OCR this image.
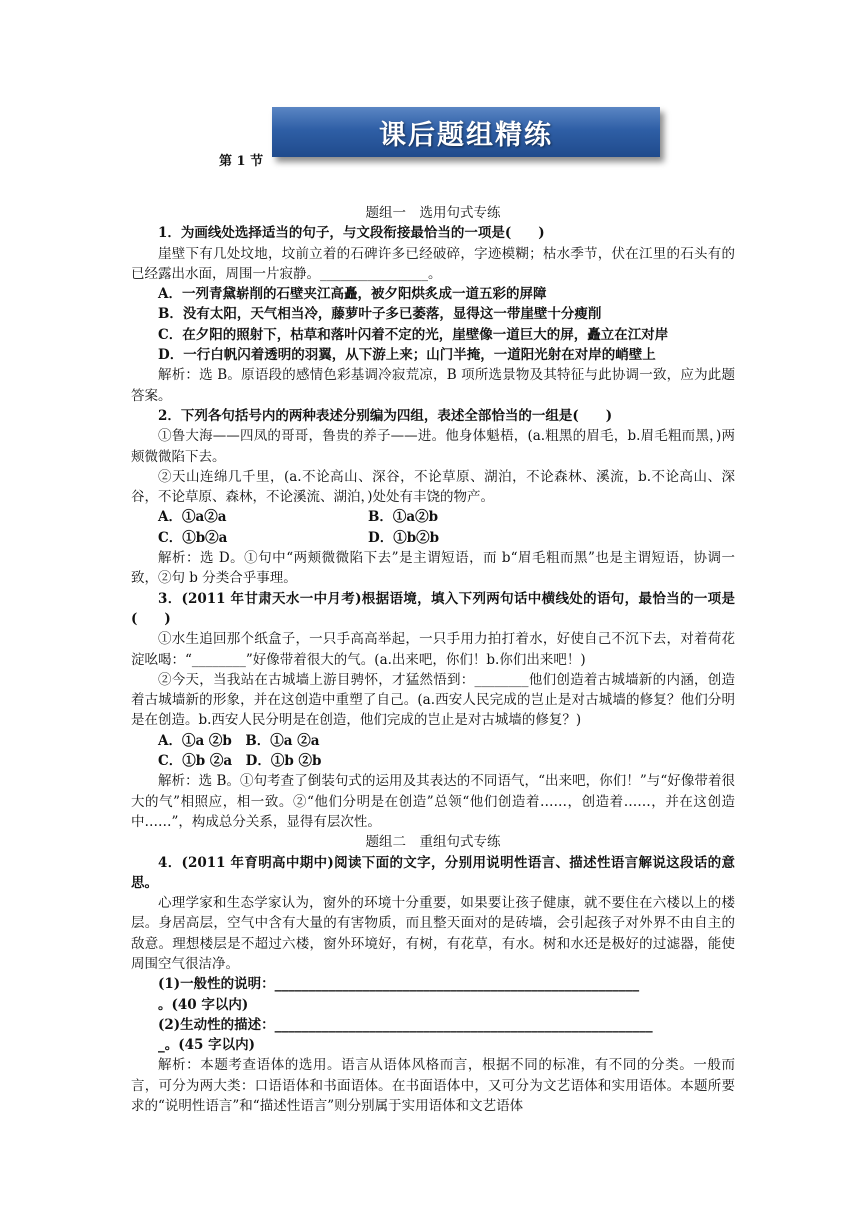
课后题组精练
第 1 节

题组一　选用句式专练

1．为画线处选择适当的句子，与文段衔接最恰当的一项是(　　)

崖壁下有几处坟地，坟前立着的石碑许多已经破碎，字迹模糊；枯水季节，伏在江里的石头有的已经露出水面，周围一片寂静。________________。

A．一列青黛崭削的石壁夹江高矗，被夕阳烘炙成一道五彩的屏障

B．没有太阳，天气相当冷，藤萝叶子多已萎落，显得这一带崖壁十分瘦削

C．在夕阳的照射下，枯草和落叶闪着不定的光，崖壁像一道巨大的屏，矗立在江对岸

D．一行白帆闪着透明的羽翼，从下游上来；山门半掩，一道阳光射在对岸的峭壁上

解析：选 B。原语段的感情色彩基调冷寂荒凉，B 项所选景物及其特征与此协调一致，应为此题答案。

2．下列各句括号内的两种表述分别编为四组，表述全部恰当的一组是(　　)

①鲁大海——四凤的哥哥，鲁贵的养子——进。他身体魁梧，(a.粗黑的眉毛，b.眉毛粗而黑，)两颊微微陷下去。

②天山连绵几千里，(a.不论高山、深谷，不论草原、湖泊，不论森林、溪流，b.不论高山、深谷，不论草原、森林，不论溪流、湖泊，)处处有丰饶的物产。

A．①a②a	B．①a②b
C．①b②a	D．①b②b

解析：选 D。①句中“两颊微微陷下去”是主谓短语，而 b“眉毛粗而黑”也是主谓短语，协调一致，②句 b 分类合乎事理。

3．(2011 年甘肃天水一中月考)根据语境，填入下列两句话中横线处的语句，最恰当的一项是(　　)

①水生追回那个纸盒子，一只手高高举起，一只手用力拍打着水，好使自己不沉下去，对着荷花淀吆喝：“________”好像带着很大的气。(a.出来吧，你们！b.你们出来吧！)

②今天，当我站在古城墙上游目骋怀，才猛然悟到：________他们创造着古城墙新的内涵，创造着古城墙新的形象，并在这创造中重塑了自己。(a.西安人民完成的岂止是对古城墙的修复？他们分明是在创造。b.西安人民分明是在创造，他们完成的岂止是对古城墙的修复？)

A．①a ②b　B．①a ②a

C．①b ②a　D．①b ②b

解析：选 B。①句考查了倒装句式的运用及其表达的不同语气，“出来吧，你们！”与“好像带着很大的气”相照应，相一致。②“他们分明是在创造”总领“他们创造着……，创造着……，并在这创造中……”，构成总分关系，显得有层次性。

题组二　重组句式专练

4．(2011 年育明高中期中)阅读下面的文字，分别用说明性语言、描述性语言解说这段话的意思。

心理学家和生态学家认为，窗外的环境十分重要，如果要让孩子健康，就不要住在六楼以上的楼层。身居高层，空气中含有大量的有害物质，而且整天面对的是砖墙，会引起孩子对外界不由自主的敌意。理想楼层是不超过六楼，窗外环境好，有树，有花草，有水。树和水还是极好的过滤器，能使周围空气很洁净。

(1)一般性的说明：______________________________________________________

。(40 字以内)

(2)生动性的描述：________________________________________________________

_。(45 字以内)

解析：本题考查语体的选用。语言从语体风格而言，根据不同的标准，有不同的分类。一般而言，可分为两大类：口语语体和书面语体。在书面语体中，又可分为文艺语体和实用语体。本题所要求的“说明性语言”和“描述性语言”则分别属于实用语体和文艺语体
